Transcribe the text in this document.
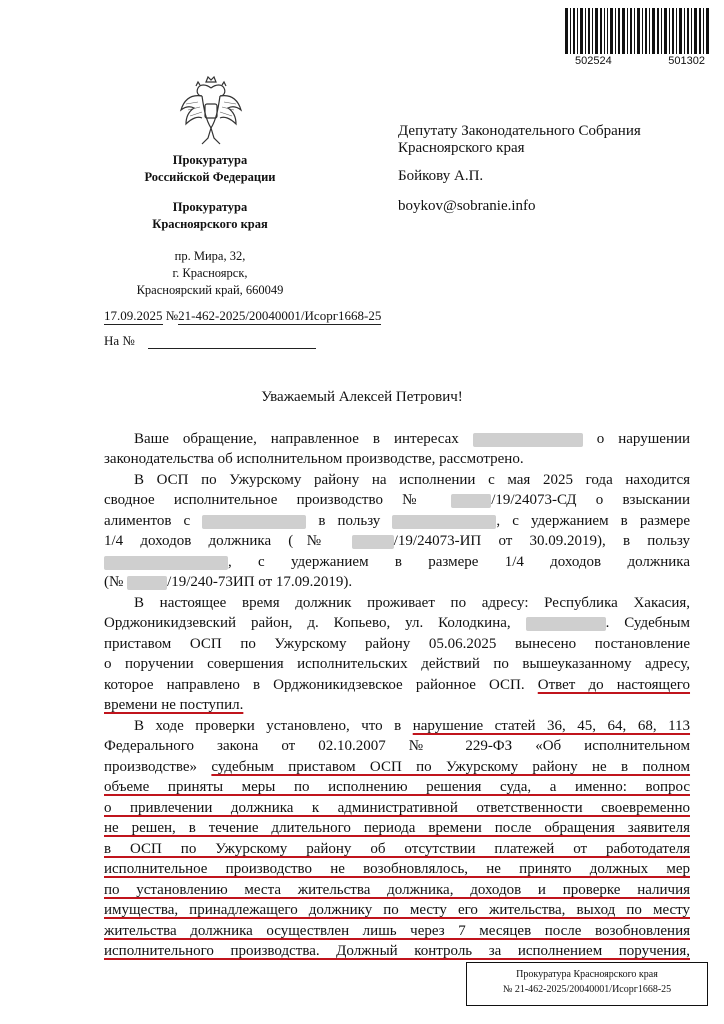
502524	501302
Прокуратура
Российской Федерации
Прокуратура
Красноярского края
пр. Мира, 32,
г. Красноярск,
Красноярский край, 660049
Депутату Законодательного Собрания
Красноярского края
Бойкову А.П.
boykov@sobranie.info
17.09.2025 №21-462-2025/20040001/Исорг1668-25
На №
Уважаемый Алексей Петрович!
Ваше обращение, направленное в интересах	о нарушении
законодательства об исполнительном производстве, рассмотрено.
В ОСП по Ужурскому району на исполнении с мая 2025 года находится
сводное исполнительное производство №	/19/24073-СД о взыскании
алиментов с	в пользу	, с удержанием в размере
1/4 доходов должника (№	/19/24073-ИП от 30.09.2019), в пользу
, с удержанием в размере 1/4 доходов должника
(№	/19/240-73ИП от 17.09.2019).
В настоящее время должник проживает по адресу: Республика Хакасия,
Орджоникидзевский район, д. Копьево, ул. Колодкина,	. Судебным
приставом ОСП по Ужурскому району 05.06.2025 вынесено постановление
о поручении совершения исполнительских действий по вышеуказанному адресу,
которое направлено в Орджоникидзевское районное ОСП. Ответ до настоящего
времени не поступил.
В ходе проверки установлено, что в нарушение статей 36, 45, 64, 68, 113
Федерального закона от 02.10.2007 № 229-ФЗ «Об исполнительном
производстве» судебным приставом ОСП по Ужурскому району не в полном
объеме приняты меры по исполнению решения суда, а именно: вопрос
о привлечении должника к административной ответственности своевременно
не решен, в течение длительного периода времени после обращения заявителя
в ОСП по Ужурскому району об отсутствии платежей от работодателя
исполнительное производство не возобновлялось, не принято должных мер
по установлению места жительства должника, доходов и проверке наличия
имущества, принадлежащего должнику по месту его жительства, выход по месту
жительства должника осуществлен лишь через 7 месяцев после возобновления
исполнительного производства. Должный контроль за исполнением поручения,
Прокуратура Красноярского края
№ 21-462-2025/20040001/Исорг1668-25
